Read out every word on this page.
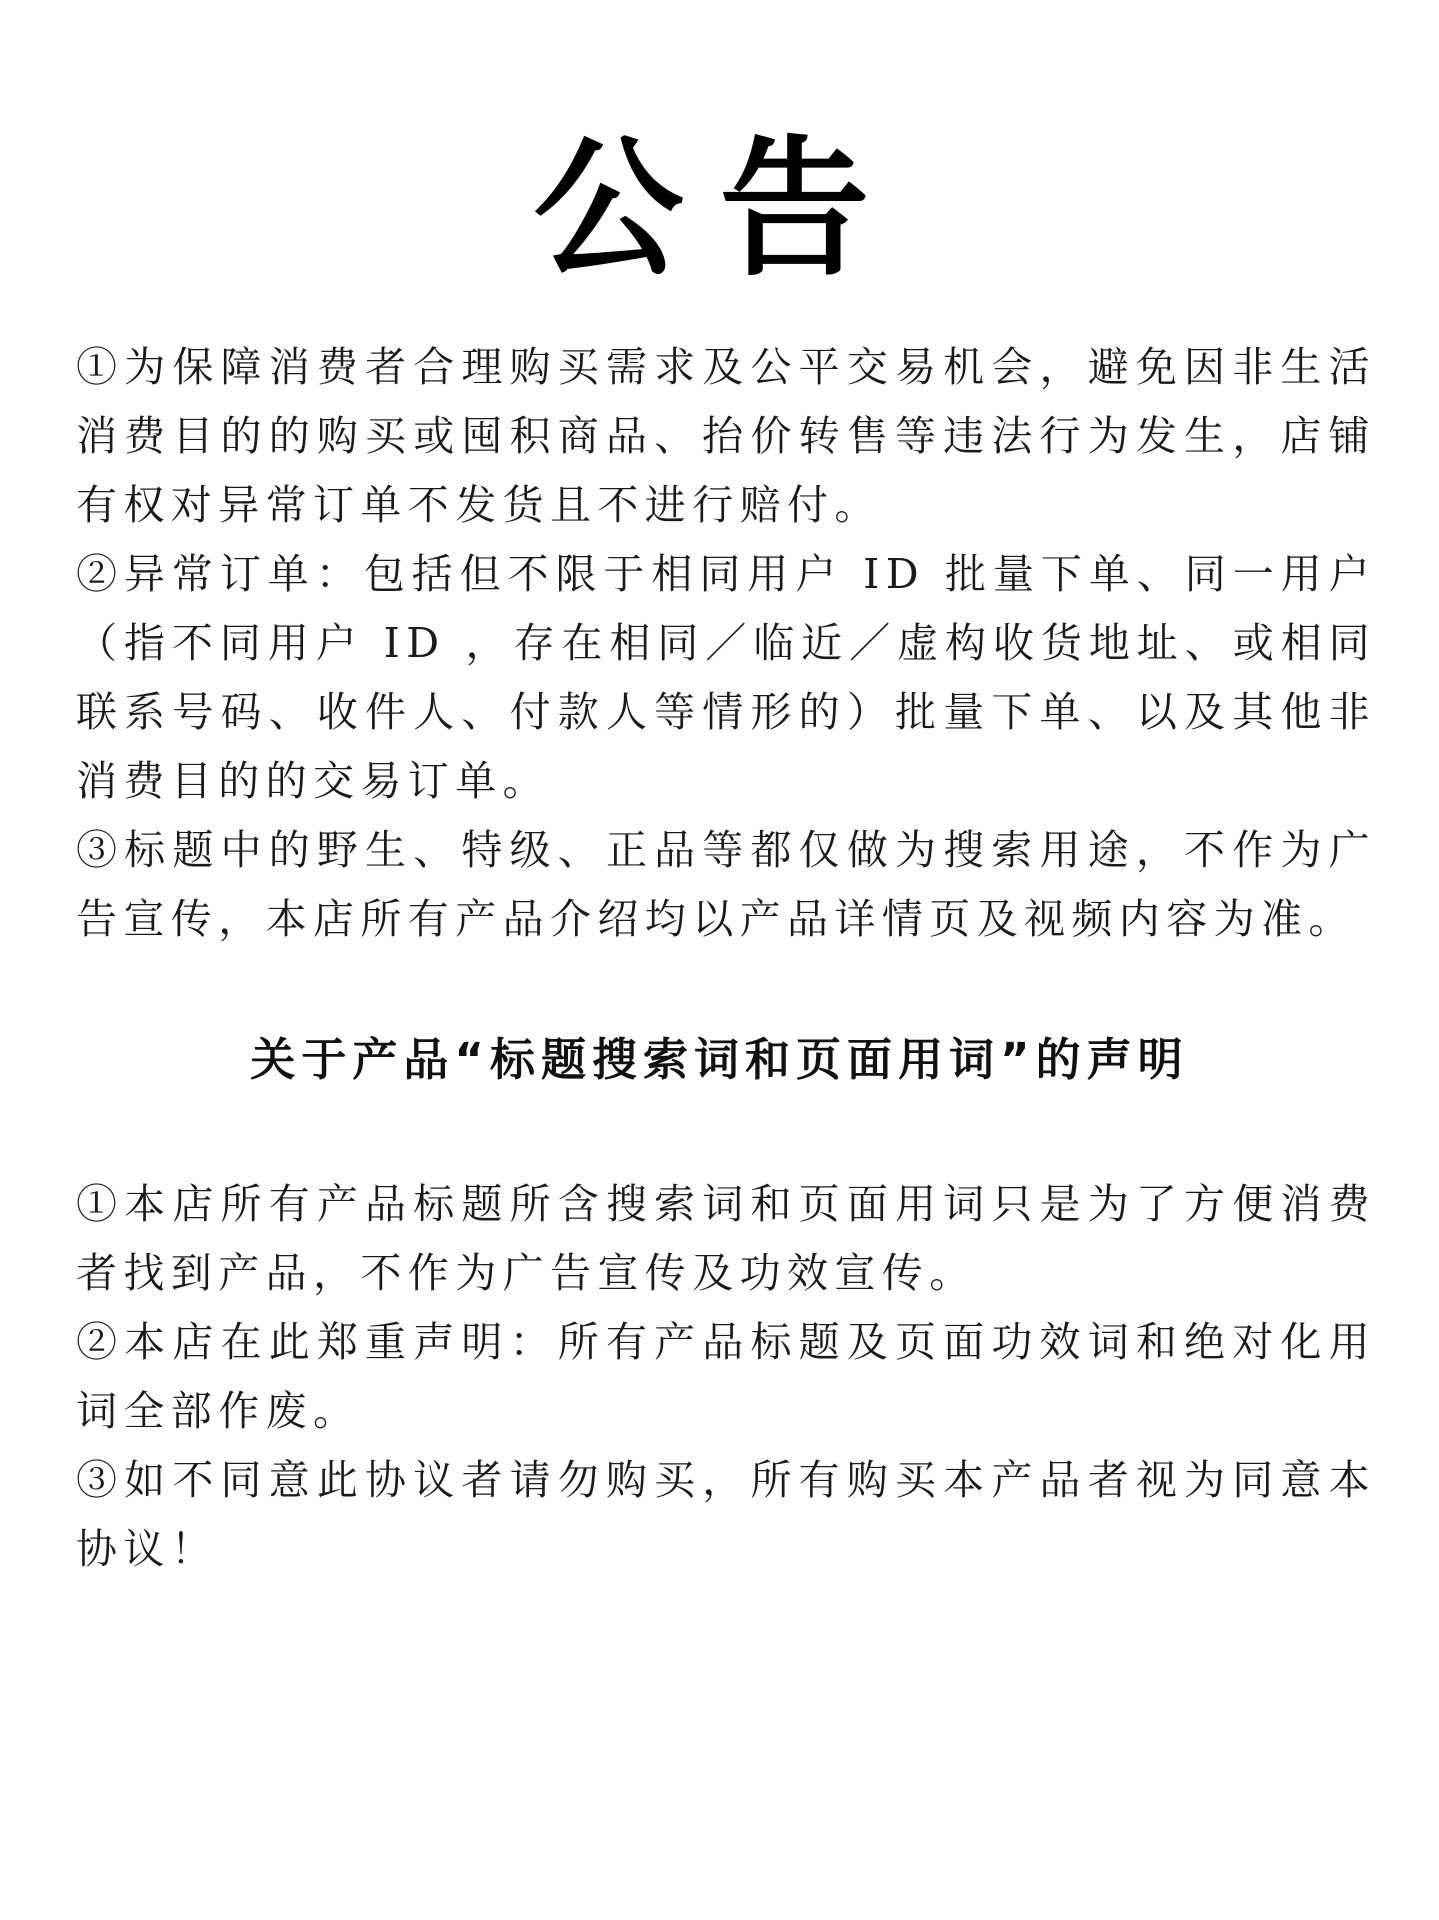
公告

①为保障消费者合理购买需求及公平交易机会，避免因非生活消费目的的购买或囤积商品、抬价转售等违法行为发生，店铺有权对异常订单不发货且不进行赔付。

②异常订单：包括但不限于相同用户 ID 批量下单、同一用户（指不同用户 ID ，存在相同／临近／虚构收货地址、或相同联系号码、收件人、付款人等情形的）批量下单、以及其他非消费目的的交易订单。

③标题中的野生、特级、正品等都仅做为搜索用途，不作为广告宣传，本店所有产品介绍均以产品详情页及视频内容为准。

关于产品“标题搜索词和页面用词”的声明

①本店所有产品标题所含搜索词和页面用词只是为了方便消费者找到产品，不作为广告宣传及功效宣传。

②本店在此郑重声明：所有产品标题及页面功效词和绝对化用词全部作废。

③如不同意此协议者请勿购买，所有购买本产品者视为同意本协议！
